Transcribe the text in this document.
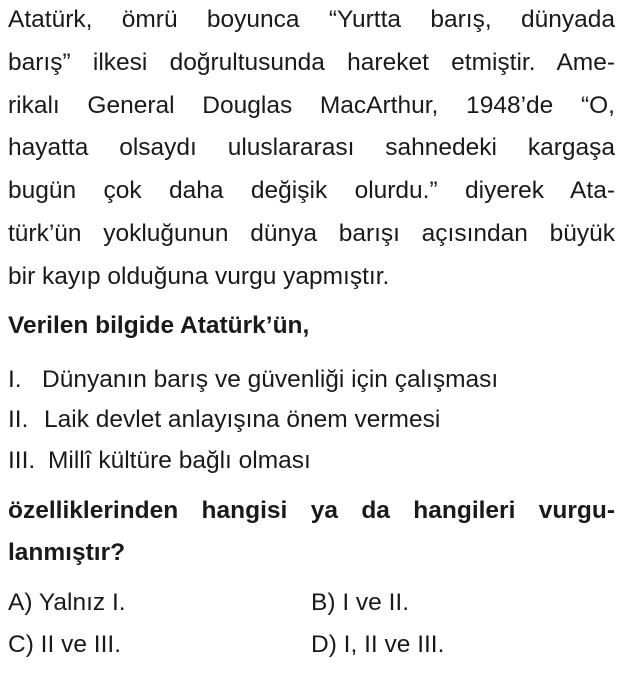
Atatürk, ömrü boyunca “Yurtta barış, dünyada
barış” ilkesi doğrultusunda hareket etmiştir. Ame-
rikalı General Douglas MacArthur, 1948’de “O,
hayatta olsaydı uluslararası sahnedeki kargaşa
bugün çok daha değişik olurdu.” diyerek Ata-
türk’ün yokluğunun dünya barışı açısından büyük
bir kayıp olduğuna vurgu yapmıştır.
Verilen bilgide Atatürk’ün,
I. Dünyanın barış ve güvenliği için çalışması
II. Laik devlet anlayışına önem vermesi
III. Millî kültüre bağlı olması
özelliklerinden hangisi ya da hangileri vurgu-
lanmıştır?
A) Yalnız I.	B) I ve II.
C) II ve III.	D) I, II ve III.
